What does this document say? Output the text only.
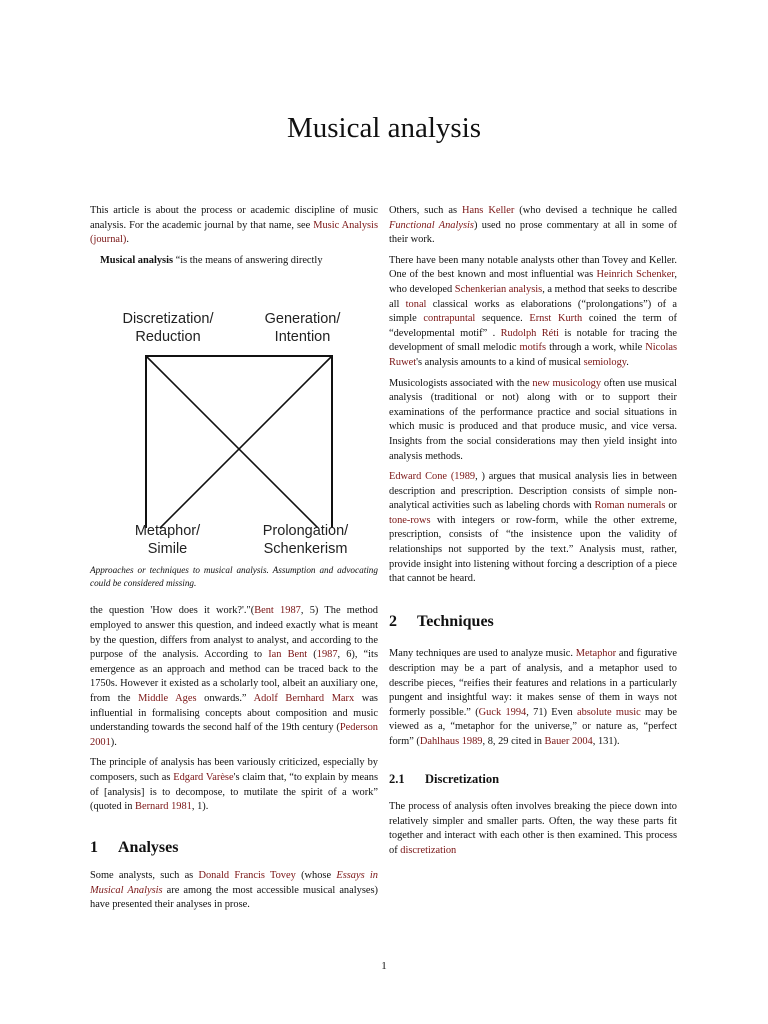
Musical analysis

This article is about the process or academic discipline of music analysis. For the academic journal by that name, see Music Analysis (journal).

Musical analysis “is the means of answering directly

Discretization/
Reduction
Generation/
Intention
Metaphor/
Simile
Prolongation/
Schenkerism

Approaches or techniques to musical analysis. Assumption and advocating could be considered missing.

the question 'How does it work?'."(Bent 1987, 5) The method employed to answer this question, and indeed exactly what is meant by the question, differs from analyst to analyst, and according to the purpose of the analysis. According to Ian Bent (1987, 6), “its emergence as an approach and method can be traced back to the 1750s. However it existed as a scholarly tool, albeit an auxiliary one, from the Middle Ages onwards.” Adolf Bernhard Marx was influential in formalising concepts about composition and music understanding towards the second half of the 19th century (Pederson 2001).

The principle of analysis has been variously criticized, especially by composers, such as Edgard Varèse's claim that, “to explain by means of [analysis] is to decompose, to mutilate the spirit of a work” (quoted in Bernard 1981, 1).

1 Analyses

Some analysts, such as Donald Francis Tovey (whose Essays in Musical Analysis are among the most accessible musical analyses) have presented their analyses in prose.

Others, such as Hans Keller (who devised a technique he called Functional Analysis) used no prose commentary at all in some of their work.

There have been many notable analysts other than Tovey and Keller. One of the best known and most influential was Heinrich Schenker, who developed Schenkerian analysis, a method that seeks to describe all tonal classical works as elaborations (“prolongations”) of a simple contrapuntal sequence. Ernst Kurth coined the term of “developmental motif” . Rudolph Réti is notable for tracing the development of small melodic motifs through a work, while Nicolas Ruwet's analysis amounts to a kind of musical semiology.

Musicologists associated with the new musicology often use musical analysis (traditional or not) along with or to support their examinations of the performance practice and social situations in which music is produced and that produce music, and vice versa. Insights from the social considerations may then yield insight into analysis methods.

Edward Cone (1989, ) argues that musical analysis lies in between description and prescription. Description consists of simple non-analytical activities such as labeling chords with Roman numerals or tone-rows with integers or row-form, while the other extreme, prescription, consists of “the insistence upon the validity of relationships not supported by the text.” Analysis must, rather, provide insight into listening without forcing a description of a piece that cannot be heard.

2 Techniques

Many techniques are used to analyze music. Metaphor and figurative description may be a part of analysis, and a metaphor used to describe pieces, “reifies their features and relations in a particularly pungent and insightful way: it makes sense of them in ways not formerly possible.” (Guck 1994, 71) Even absolute music may be viewed as a, “metaphor for the universe,” or nature as, “perfect form” (Dahlhaus 1989, 8, 29 cited in Bauer 2004, 131).

2.1 Discretization

The process of analysis often involves breaking the piece down into relatively simpler and smaller parts. Often, the way these parts fit together and interact with each other is then examined. This process of discretization

1
